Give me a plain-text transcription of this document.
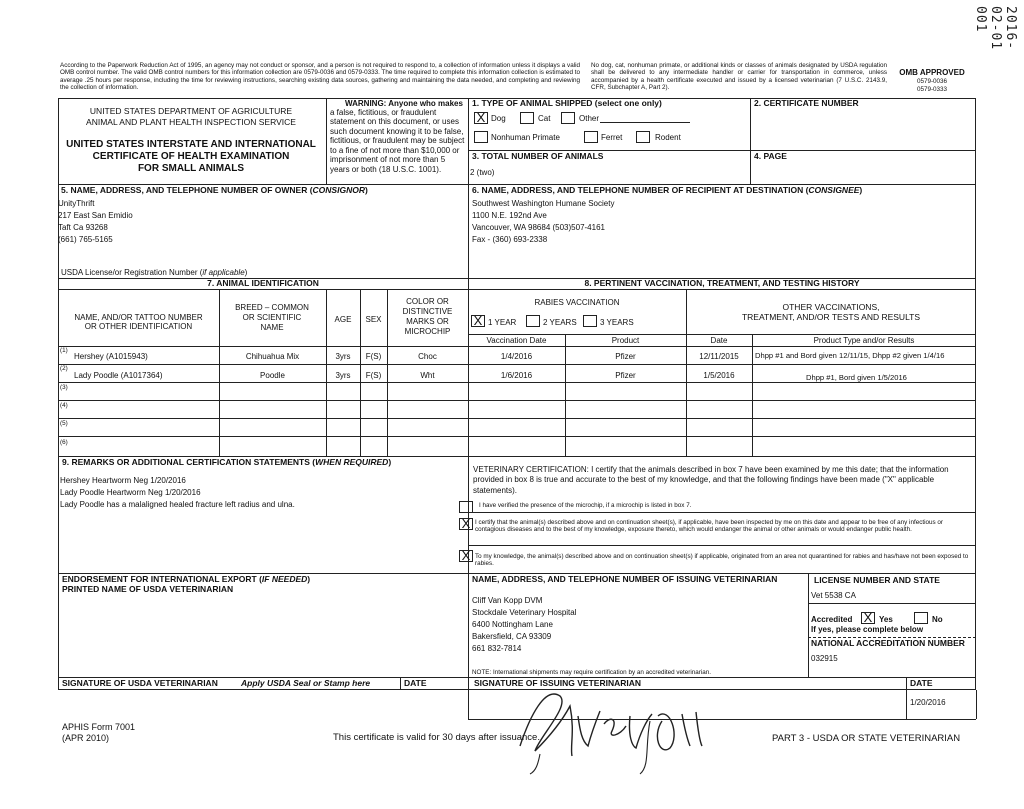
2016-02-01 001
According to the Paperwork Reduction Act of 1995, an agency may not conduct or sponsor, and a person is not required to respond to, a collection of information unless it displays a valid OMB control number. The valid OMB control numbers for this information collection are 0579-0036 and 0579-0333. The time required to complete this information collection is estimated to average .25 hours per response, including the time for reviewing instructions, searching existing data sources, gathering and maintaining the data needed, and completing and reviewing the collection of information.
No dog, cat, nonhuman primate, or additional kinds or classes of animals designated by USDA regulation shall be delivered to any intermediate handler or carrier for transportation in commerce, unless accompanied by a health certificate executed and issued by a licensed veterinarian (7 U.S.C. 2143.9, CFR, Subchapter A, Part 2).
OMB APPROVED
0579-0036
0579-0333
UNITED STATES DEPARTMENT OF AGRICULTURE
ANIMAL AND PLANT HEALTH INSPECTION SERVICE
UNITED STATES INTERSTATE AND INTERNATIONAL
CERTIFICATE OF HEALTH EXAMINATION
FOR SMALL ANIMALS
WARNING: Anyone who makes
a false, fictitious, or fraudulent statement on this document, or uses such document knowing it to be false, fictitious, or fraudulent may be subject to a fine of not more than $10,000 or imprisonment of not more than 5 years or both (18 U.S.C. 1001).
1. TYPE OF ANIMAL SHIPPED (select one only)
X Dog	Cat	Other
Nonhuman Primate	Ferret	Rodent
2. CERTIFICATE NUMBER
3. TOTAL NUMBER OF ANIMALS
2 (two)
4. PAGE
5. NAME, ADDRESS, AND TELEPHONE NUMBER OF OWNER (CONSIGNOR)
UnityThrift
217 East San Emidio
Taft Ca 93268
(661) 765-5165
USDA License/or Registration Number (if applicable)
6. NAME, ADDRESS, AND TELEPHONE NUMBER OF RECIPIENT AT DESTINATION (CONSIGNEE)
Southwest Washington Humane Society
1100 N.E. 192nd Ave
Vancouver, WA 98684 (503)507-4161
Fax - (360) 693-2338
7. ANIMAL IDENTIFICATION	8. PERTINENT VACCINATION, TREATMENT, AND TESTING HISTORY
NAME, AND/OR TATTOO NUMBER
OR OTHER IDENTIFICATION
BREED – COMMON
OR SCIENTIFIC
NAME
AGE	SEX
COLOR OR
DISTINCTIVE
MARKS OR
MICROCHIP
RABIES VACCINATION
X 1 YEAR	2 YEARS	3 YEARS
OTHER VACCINATIONS,
TREATMENT, AND/OR TESTS AND RESULTS
Vaccination Date	Product	Date	Product Type and/or Results
(1)
Hershey (A1015943)	Chihuahua Mix	3yrs	F(S)	Choc	1/4/2016	Pfizer	12/11/2015	Dhpp #1 and Bord given 12/11/15, Dhpp #2 given 1/4/16
(2)
Lady Poodle (A1017364)	Poodle	3yrs	F(S)	Wht	1/6/2016	Pfizer	1/5/2016	Dhpp #1, Bord given 1/5/2016
(3)
(4)
(5)
(6)
9. REMARKS OR ADDITIONAL CERTIFICATION STATEMENTS (WHEN REQUIRED)
Hershey Heartworm Neg 1/20/2016
Lady Poodle Heartworm Neg 1/20/2016
Lady Poodle has a malaligned healed fracture left radius and ulna.
VETERINARY CERTIFICATION: I certify that the animals described in box 7 have been examined by me this date; that the information provided in box 8 is true and accurate to the best of my knowledge, and that the following findings have been made ("X" applicable statements).
I have verified the presence of the microchip, if a microchip is listed in box 7.
X I certify that the animal(s) described above and on continuation sheet(s), if applicable, have been inspected by me on this date and appear to be free of any infectious or contagious diseases and to the best of my knowledge, exposure thereto, which would endanger the animal or other animals or would endanger public health.
X To my knowledge, the animal(s) described above and on continuation sheet(s) if applicable, originated from an area not quarantined for rabies and has/have not been exposed to rabies.
ENDORSEMENT FOR INTERNATIONAL EXPORT (IF NEEDED)
PRINTED NAME OF USDA VETERINARIAN
NAME, ADDRESS, AND TELEPHONE NUMBER OF ISSUING VETERINARIAN
Cliff Van Kopp DVM
Stockdale Veterinary Hospital
6400 Nottingham Lane
Bakersfield, CA 93309
661 832-7814
NOTE: International shipments may require certification by an accredited veterinarian.
LICENSE NUMBER AND STATE
Vet 5538 CA
Accredited X Yes	No
If yes, please complete below
NATIONAL ACCREDITATION NUMBER
032915
SIGNATURE OF USDA VETERINARIAN	Apply USDA Seal or Stamp here	DATE	SIGNATURE OF ISSUING VETERINARIAN	DATE
1/20/2016
APHIS Form 7001
(APR 2010)	This certificate is valid for 30 days after issuance.	PART 3 - USDA OR STATE VETERINARIAN
